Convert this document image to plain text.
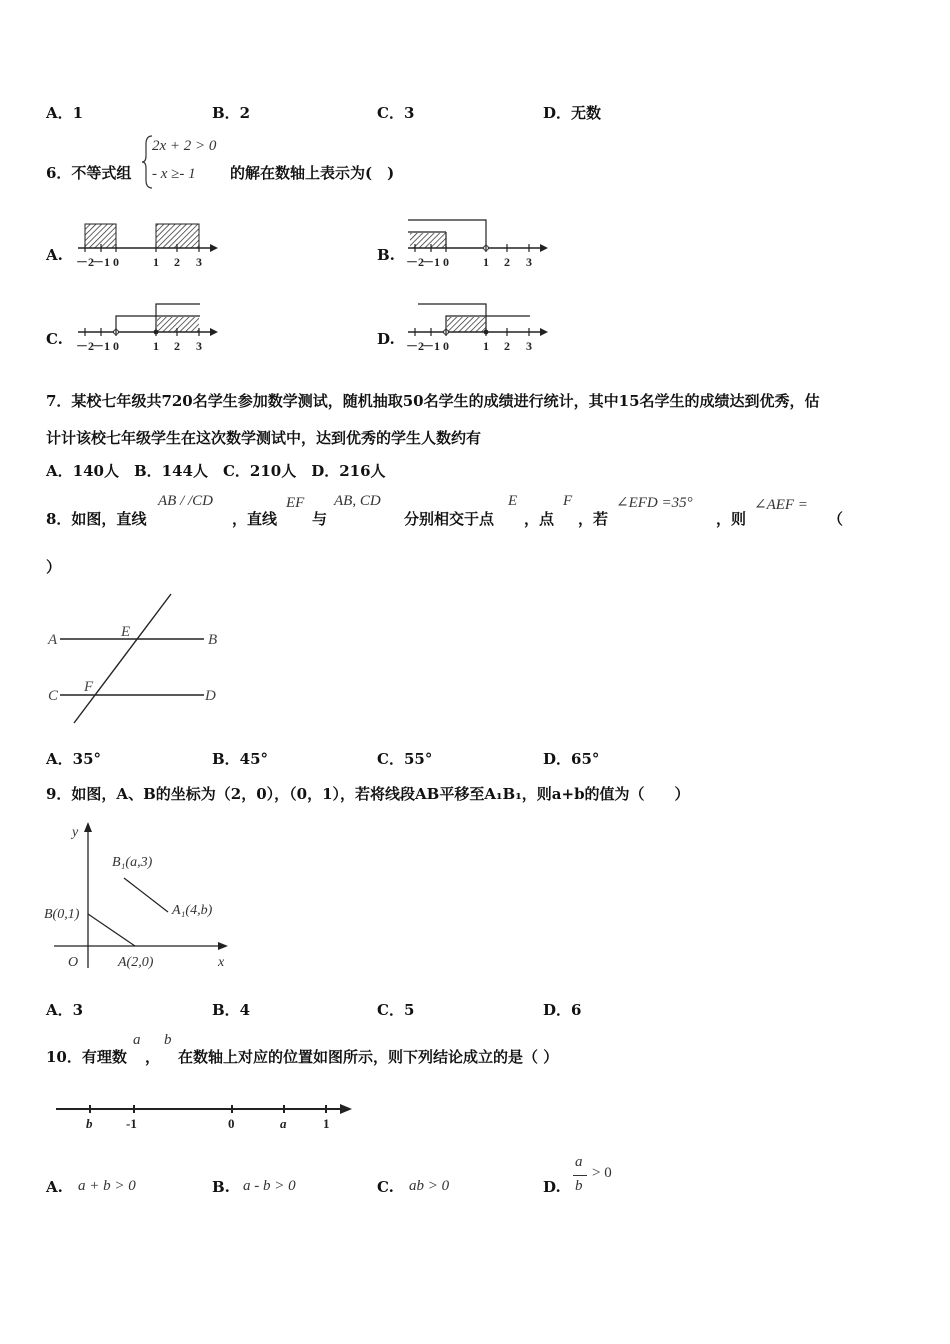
A．1	B．2	C．3	D．无数
6．不等式组
2x + 2 > 0
- x ≥- 1 的解在数轴上表示为(　)
A. －2
－1 0	1 2 3	B. －2
－1 0	1 2 3
C. －2
－1 0	1 2 3	D. －2
－1 0	1 2 3
7．某校七年级共720名学生参加数学测试，随机抽取50名学生的成绩进行统计，其中15名学生的成绩达到优秀，估
计计该校七年级学生在这次数学测试中，达到优秀的学生人数约有
A．140人　B．144人　C．210人　D．216人
8．如图，直线
AB / /CD
，直线
EF
与
AB, CD
分别相交于点
E
，点
F
，若
∠EFD =35°
，则
∠AEF =
（
）
A	B
C	D
E
F
A．35°	B．45°	C．55°	D．65°
9．如图，A、B的坐标为（2，0），（0，1），若将线段AB平移至A₁B₁，则a+b的值为（　　）
y
x
O
B(0,1)
A(2,0)
B₁(a,3)
A₁(4,b)
A．3	B．4	C．5	D．6
10．有理数
a
，
b
在数轴上对应的位置如图所示，则下列结论成立的是（ ）
b	-1	0	a	1
A. a + b > 0	B. a - b > 0	C. ab > 0	D.
a
b
> 0
